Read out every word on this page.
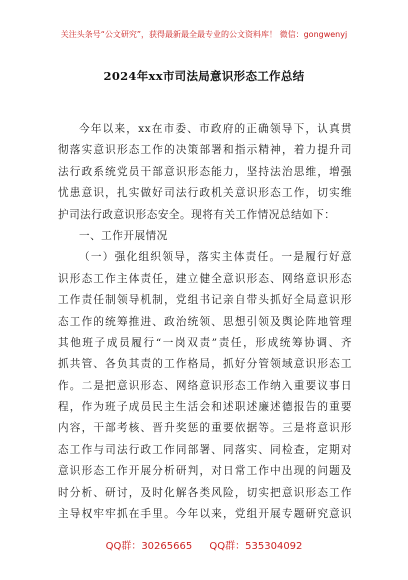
关注头条号“公文研究”，获得最新最全最专业的公文资料库！ 微信：gongwenyj
2024年xx市司法局意识形态工作总结
今年以来，xx在市委、市政府的正确领导下，认真贯
彻落实意识形态工作的决策部署和指示精神，着力提升司
法行政系统党员干部意识形态能力，坚持法治思维，增强
忧患意识，扎实做好司法行政机关意识形态工作，切实维
护司法行政意识形态安全。现将有关工作情况总结如下：
一、工作开展情况
（一）强化组织领导，落实主体责任。一是履行好意
识形态工作主体责任，建立健全意识形态、网络意识形态
工作责任制领导机制，党组书记亲自带头抓好全局意识形
态工作的统筹推进、政治统领、思想引领及舆论阵地管理
其他班子成员履行“一岗双责”责任，形成统筹协调、齐
抓共管、各负其责的工作格局，抓好分管领域意识形态工
作。二是把意识形态、网络意识形态工作纳入重要议事日
程，作为班子成员民主生活会和述职述廉述德报告的重要
内容，干部考核、晋升奖惩的重要依据等。三是将意识形
态工作与司法行政工作同部署、同落实、同检查，定期对
意识形态工作开展分析研判，对日常工作中出现的问题及
时分析、研讨，及时化解各类风险，切实把意识形态工作
主导权牢牢抓在手里。今年以来，党组开展专题研究意识
QQ群：30265665 QQ群：535304092
